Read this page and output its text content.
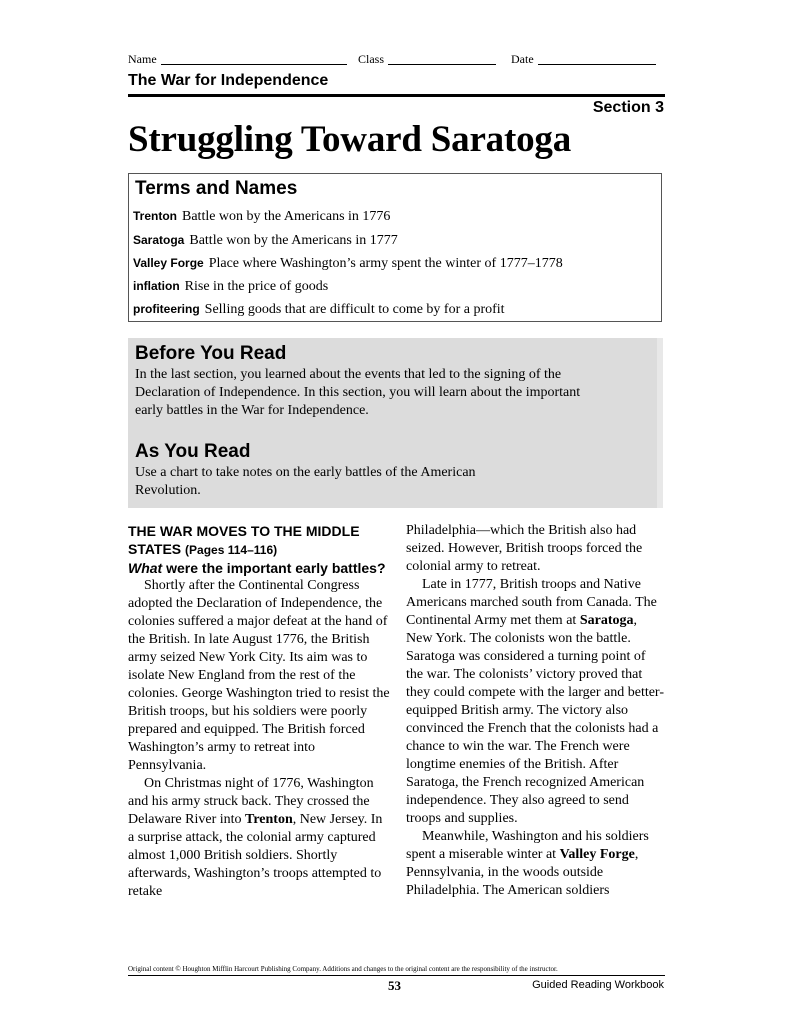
Name	Class	Date
The War for Independence
Section 3
Struggling Toward Saratoga
Terms and Names
Trenton Battle won by the Americans in 1776
Saratoga Battle won by the Americans in 1777
Valley Forge Place where Washington’s army spent the winter of 1777–1778
inflation Rise in the price of goods
profiteering Selling goods that are difficult to come by for a profit
Before You Read
In the last section, you learned about the events that led to the signing of the Declaration of Independence. In this section, you will learn about the important early battles in the War for Independence.
As You Read
Use a chart to take notes on the early battles of the American Revolution.
THE WAR MOVES TO THE MIDDLE STATES (Pages 114–116)
What were the important early battles?

Shortly after the Continental Congress adopted the Declaration of Independence, the colonies suffered a major defeat at the hand of the British. In late August 1776, the British army seized New York City. Its aim was to isolate New England from the rest of the colonies. George Washington tried to resist the British troops, but his soldiers were poorly prepared and equipped. The British forced Washington’s army to retreat into Pennsylvania.

On Christmas night of 1776, Washington and his army struck back. They crossed the Delaware River into Trenton, New Jersey. In a surprise attack, the colonial army captured almost 1,000 British soldiers. Shortly afterwards, Washington’s troops attempted to retake

Philadelphia—which the British also had seized. However, British troops forced the colonial army to retreat.

Late in 1777, British troops and Native Americans marched south from Canada. The Continental Army met them at Saratoga, New York. The colonists won the battle. Saratoga was considered a turning point of the war. The colonists’ victory proved that they could compete with the larger and better-equipped British army. The victory also convinced the French that the colonists had a chance to win the war. The French were longtime enemies of the British. After Saratoga, the French recognized American independence. They also agreed to send troops and supplies.

Meanwhile, Washington and his soldiers spent a miserable winter at Valley Forge, Pennsylvania, in the woods outside Philadelphia. The American soldiers

Original content © Houghton Mifflin Harcourt Publishing Company. Additions and changes to the original content are the responsibility of the instructor.
53	Guided Reading Workbook
